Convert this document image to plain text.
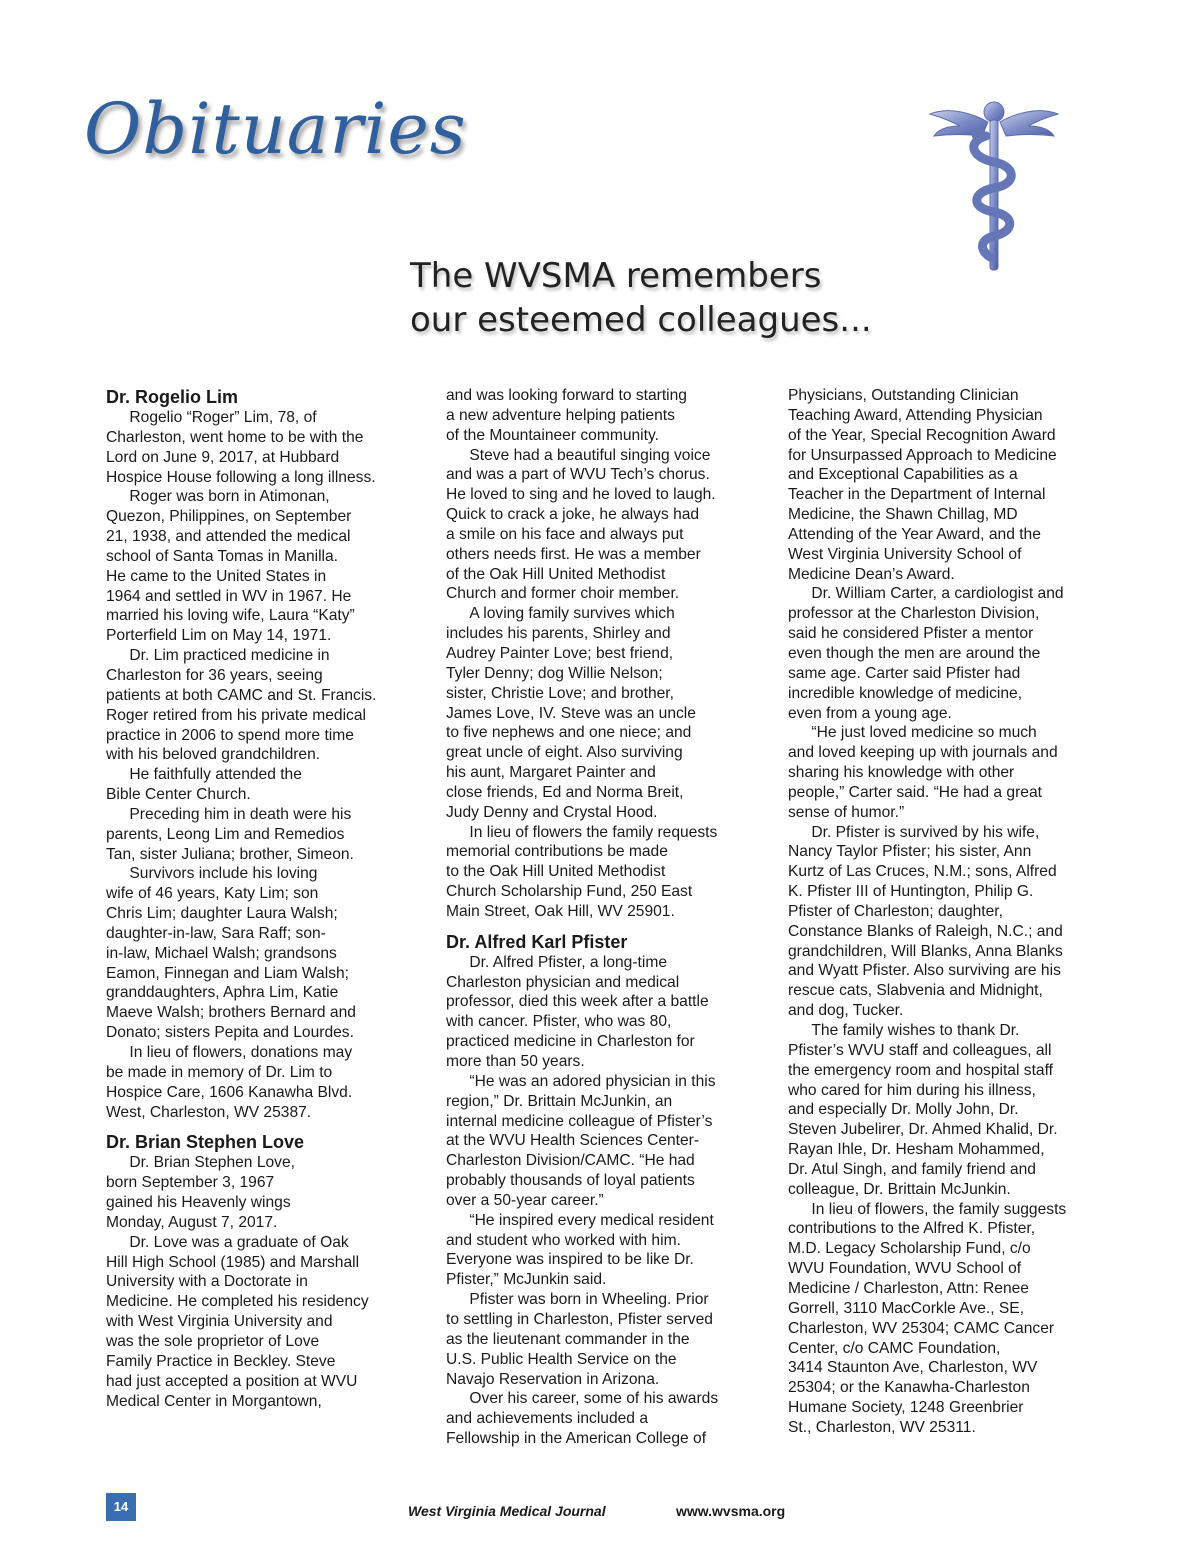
Obituaries
The WVSMA remembers
our esteemed colleagues...
Dr. Rogelio Lim
  Rogelio “Roger” Lim, 78, of
Charleston, went home to be with the
Lord on June 9, 2017, at Hubbard
Hospice House following a long illness.
  Roger was born in Atimonan,
Quezon, Philippines, on September
21, 1938, and attended the medical
school of Santa Tomas in Manilla.
He came to the United States in
1964 and settled in WV in 1967. He
married his loving wife, Laura “Katy”
Porterfield Lim on May 14, 1971.
  Dr. Lim practiced medicine in
Charleston for 36 years, seeing
patients at both CAMC and St. Francis.
Roger retired from his private medical
practice in 2006 to spend more time
with his beloved grandchildren.
  He faithfully attended the
Bible Center Church.
  Preceding him in death were his
parents, Leong Lim and Remedios
Tan, sister Juliana; brother, Simeon.
  Survivors include his loving
wife of 46 years, Katy Lim; son
Chris Lim; daughter Laura Walsh;
daughter-in-law, Sara Raff; son-
in-law, Michael Walsh; grandsons
Eamon, Finnegan and Liam Walsh;
granddaughters, Aphra Lim, Katie
Maeve Walsh; brothers Bernard and
Donato; sisters Pepita and Lourdes.
  In lieu of flowers, donations may
be made in memory of Dr. Lim to
Hospice Care, 1606 Kanawha Blvd.
West, Charleston, WV 25387.
Dr. Brian Stephen Love
  Dr. Brian Stephen Love,
born September 3, 1967
gained his Heavenly wings
Monday, August 7, 2017.
  Dr. Love was a graduate of Oak
Hill High School (1985) and Marshall
University with a Doctorate in
Medicine. He completed his residency
with West Virginia University and
was the sole proprietor of Love
Family Practice in Beckley. Steve
had just accepted a position at WVU
Medical Center in Morgantown,
and was looking forward to starting
a new adventure helping patients
of the Mountaineer community.
  Steve had a beautiful singing voice
and was a part of WVU Tech’s chorus.
He loved to sing and he loved to laugh.
Quick to crack a joke, he always had
a smile on his face and always put
others needs first. He was a member
of the Oak Hill United Methodist
Church and former choir member.
  A loving family survives which
includes his parents, Shirley and
Audrey Painter Love; best friend,
Tyler Denny; dog Willie Nelson;
sister, Christie Love; and brother,
James Love, IV. Steve was an uncle
to five nephews and one niece; and
great uncle of eight. Also surviving
his aunt, Margaret Painter and
close friends, Ed and Norma Breit,
Judy Denny and Crystal Hood.
  In lieu of flowers the family requests
memorial contributions be made
to the Oak Hill United Methodist
Church Scholarship Fund, 250 East
Main Street, Oak Hill, WV 25901.
Dr. Alfred Karl Pfister
  Dr. Alfred Pfister, a long-time
Charleston physician and medical
professor, died this week after a battle
with cancer. Pfister, who was 80,
practiced medicine in Charleston for
more than 50 years.
  “He was an adored physician in this
region,” Dr. Brittain McJunkin, an
internal medicine colleague of Pfister’s
at the WVU Health Sciences Center-
Charleston Division/CAMC. “He had
probably thousands of loyal patients
over a 50-year career.”
  “He inspired every medical resident
and student who worked with him.
Everyone was inspired to be like Dr.
Pfister,” McJunkin said.
  Pfister was born in Wheeling. Prior
to settling in Charleston, Pfister served
as the lieutenant commander in the
U.S. Public Health Service on the
Navajo Reservation in Arizona.
  Over his career, some of his awards
and achievements included a
Fellowship in the American College of
Physicians, Outstanding Clinician
Teaching Award, Attending Physician
of the Year, Special Recognition Award
for Unsurpassed Approach to Medicine
and Exceptional Capabilities as a
Teacher in the Department of Internal
Medicine, the Shawn Chillag, MD
Attending of the Year Award, and the
West Virginia University School of
Medicine Dean’s Award.
  Dr. William Carter, a cardiologist and
professor at the Charleston Division,
said he considered Pfister a mentor
even though the men are around the
same age. Carter said Pfister had
incredible knowledge of medicine,
even from a young age.
  “He just loved medicine so much
and loved keeping up with journals and
sharing his knowledge with other
people,” Carter said. “He had a great
sense of humor.”
  Dr. Pfister is survived by his wife,
Nancy Taylor Pfister; his sister, Ann
Kurtz of Las Cruces, N.M.; sons, Alfred
K. Pfister III of Huntington, Philip G.
Pfister of Charleston; daughter,
Constance Blanks of Raleigh, N.C.; and
grandchildren, Will Blanks, Anna Blanks
and Wyatt Pfister. Also surviving are his
rescue cats, Slabvenia and Midnight,
and dog, Tucker.
  The family wishes to thank Dr.
Pfister’s WVU staff and colleagues, all
the emergency room and hospital staff
who cared for him during his illness,
and especially Dr. Molly John, Dr.
Steven Jubelirer, Dr. Ahmed Khalid, Dr.
Rayan Ihle, Dr. Hesham Mohammed,
Dr. Atul Singh, and family friend and
colleague, Dr. Brittain McJunkin.
  In lieu of flowers, the family suggests
contributions to the Alfred K. Pfister,
M.D. Legacy Scholarship Fund, c/o
WVU Foundation, WVU School of
Medicine / Charleston, Attn: Renee
Gorrell, 3110 MacCorkle Ave., SE,
Charleston, WV 25304; CAMC Cancer
Center, c/o CAMC Foundation,
3414 Staunton Ave, Charleston, WV
25304; or the Kanawha-Charleston
Humane Society, 1248 Greenbrier
St., Charleston, WV 25311.
14	West Virginia Medical Journal	www.wvsma.org
